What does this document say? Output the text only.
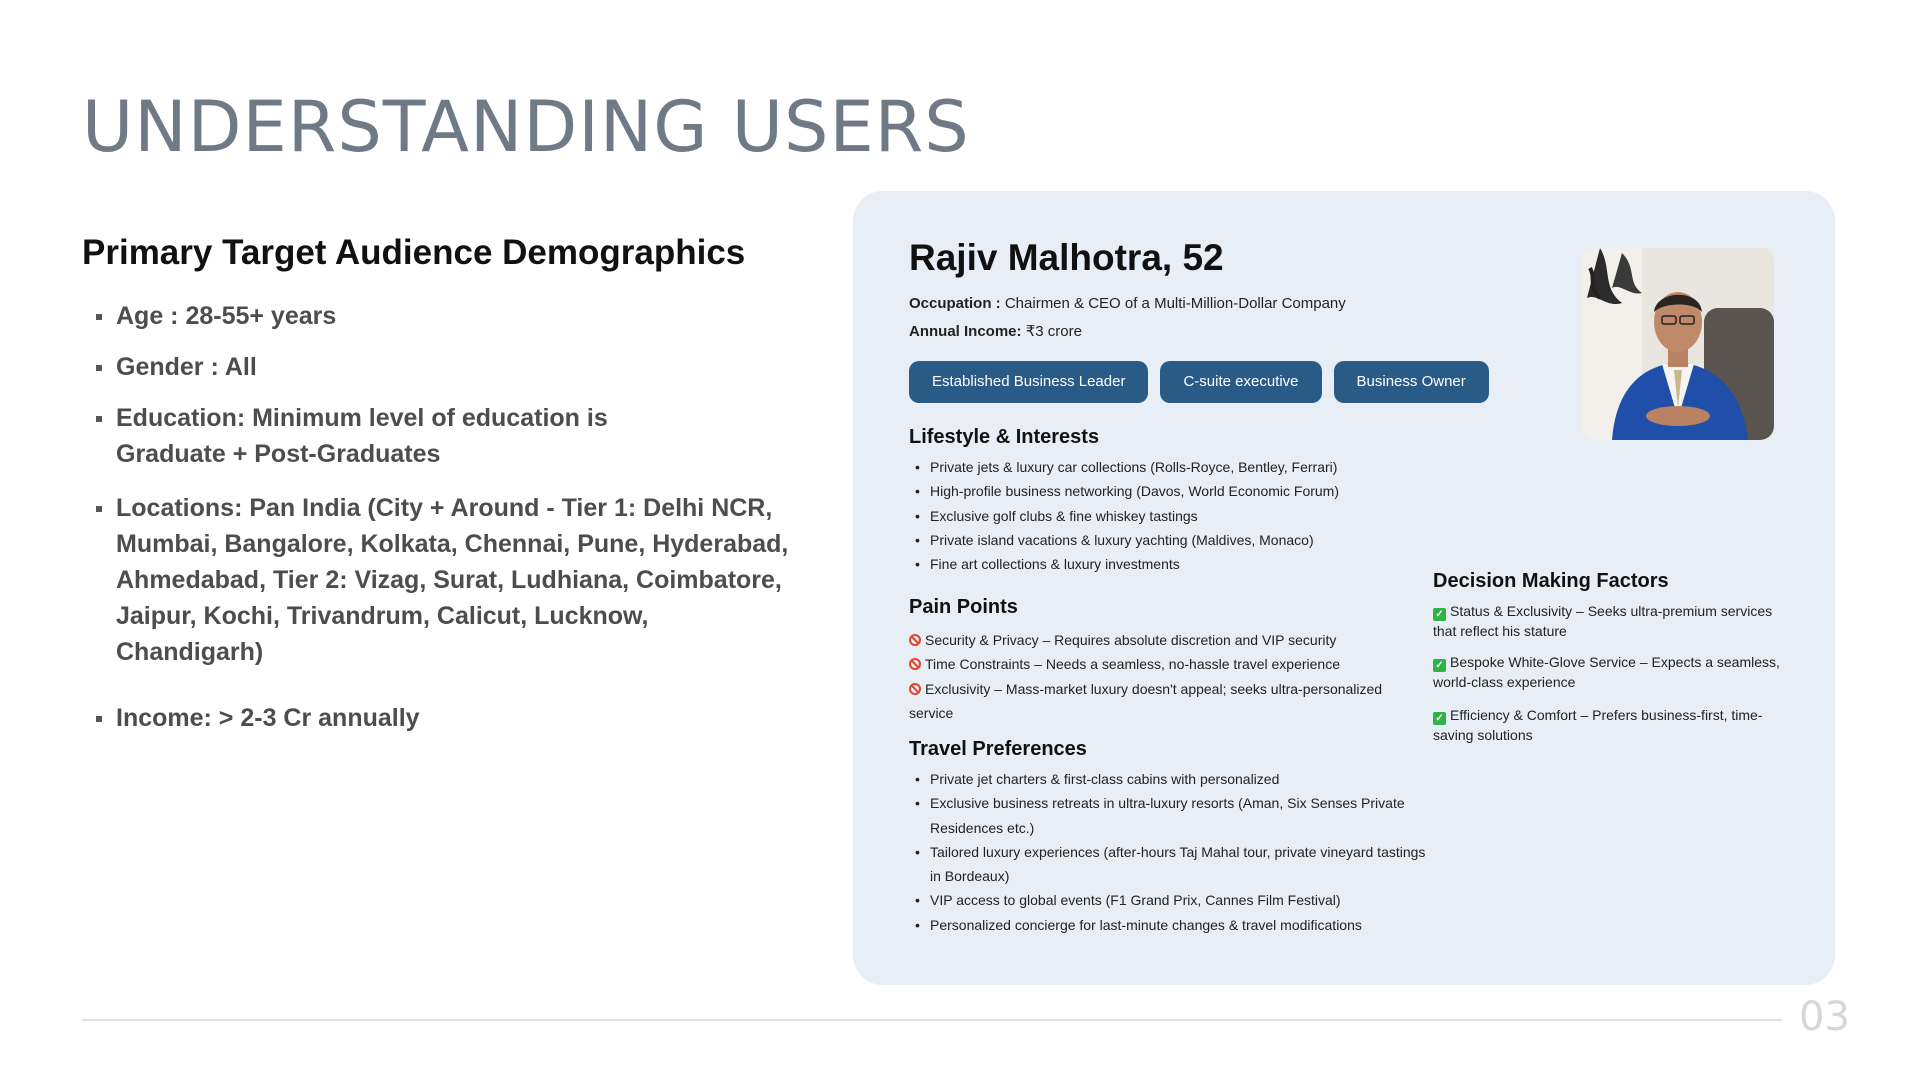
UNDERSTANDING USERS
Primary Target Audience Demographics
Age : 28-55+ years
Gender : All
Education: Minimum level of education is Graduate + Post-Graduates
Locations: Pan India (City + Around - Tier 1: Delhi NCR, Mumbai, Bangalore, Kolkata, Chennai, Pune, Hyderabad, Ahmedabad, Tier 2: Vizag, Surat, Ludhiana, Coimbatore, Jaipur, Kochi, Trivandrum, Calicut, Lucknow, Chandigarh)
Income: > 2-3 Cr annually
Rajiv Malhotra, 52
Occupation : Chairmen & CEO of a Multi-Million-Dollar Company
Annual Income: ₹3 crore
Established Business Leader	C-suite executive	Business Owner
Lifestyle & Interests
• Private jets & luxury car collections (Rolls-Royce, Bentley, Ferrari)
• High-profile business networking (Davos, World Economic Forum)
• Exclusive golf clubs & fine whiskey tastings
• Private island vacations & luxury yachting (Maldives, Monaco)
• Fine art collections & luxury investments
Pain Points
Security & Privacy – Requires absolute discretion and VIP security
Time Constraints – Needs a seamless, no-hassle travel experience
Exclusivity – Mass-market luxury doesn't appeal; seeks ultra-personalized service
Travel Preferences
• Private jet charters & first-class cabins with personalized
• Exclusive business retreats in ultra-luxury resorts (Aman, Six Senses Private Residences etc.)
• Tailored luxury experiences (after-hours Taj Mahal tour, private vineyard tastings in Bordeaux)
• VIP access to global events (F1 Grand Prix, Cannes Film Festival)
• Personalized concierge for last-minute changes & travel modifications
Decision Making Factors
✓ Status & Exclusivity – Seeks ultra-premium services that reflect his stature
✓ Bespoke White-Glove Service – Expects a seamless, world-class experience
✓ Efficiency & Comfort – Prefers business-first, time-saving solutions
03
